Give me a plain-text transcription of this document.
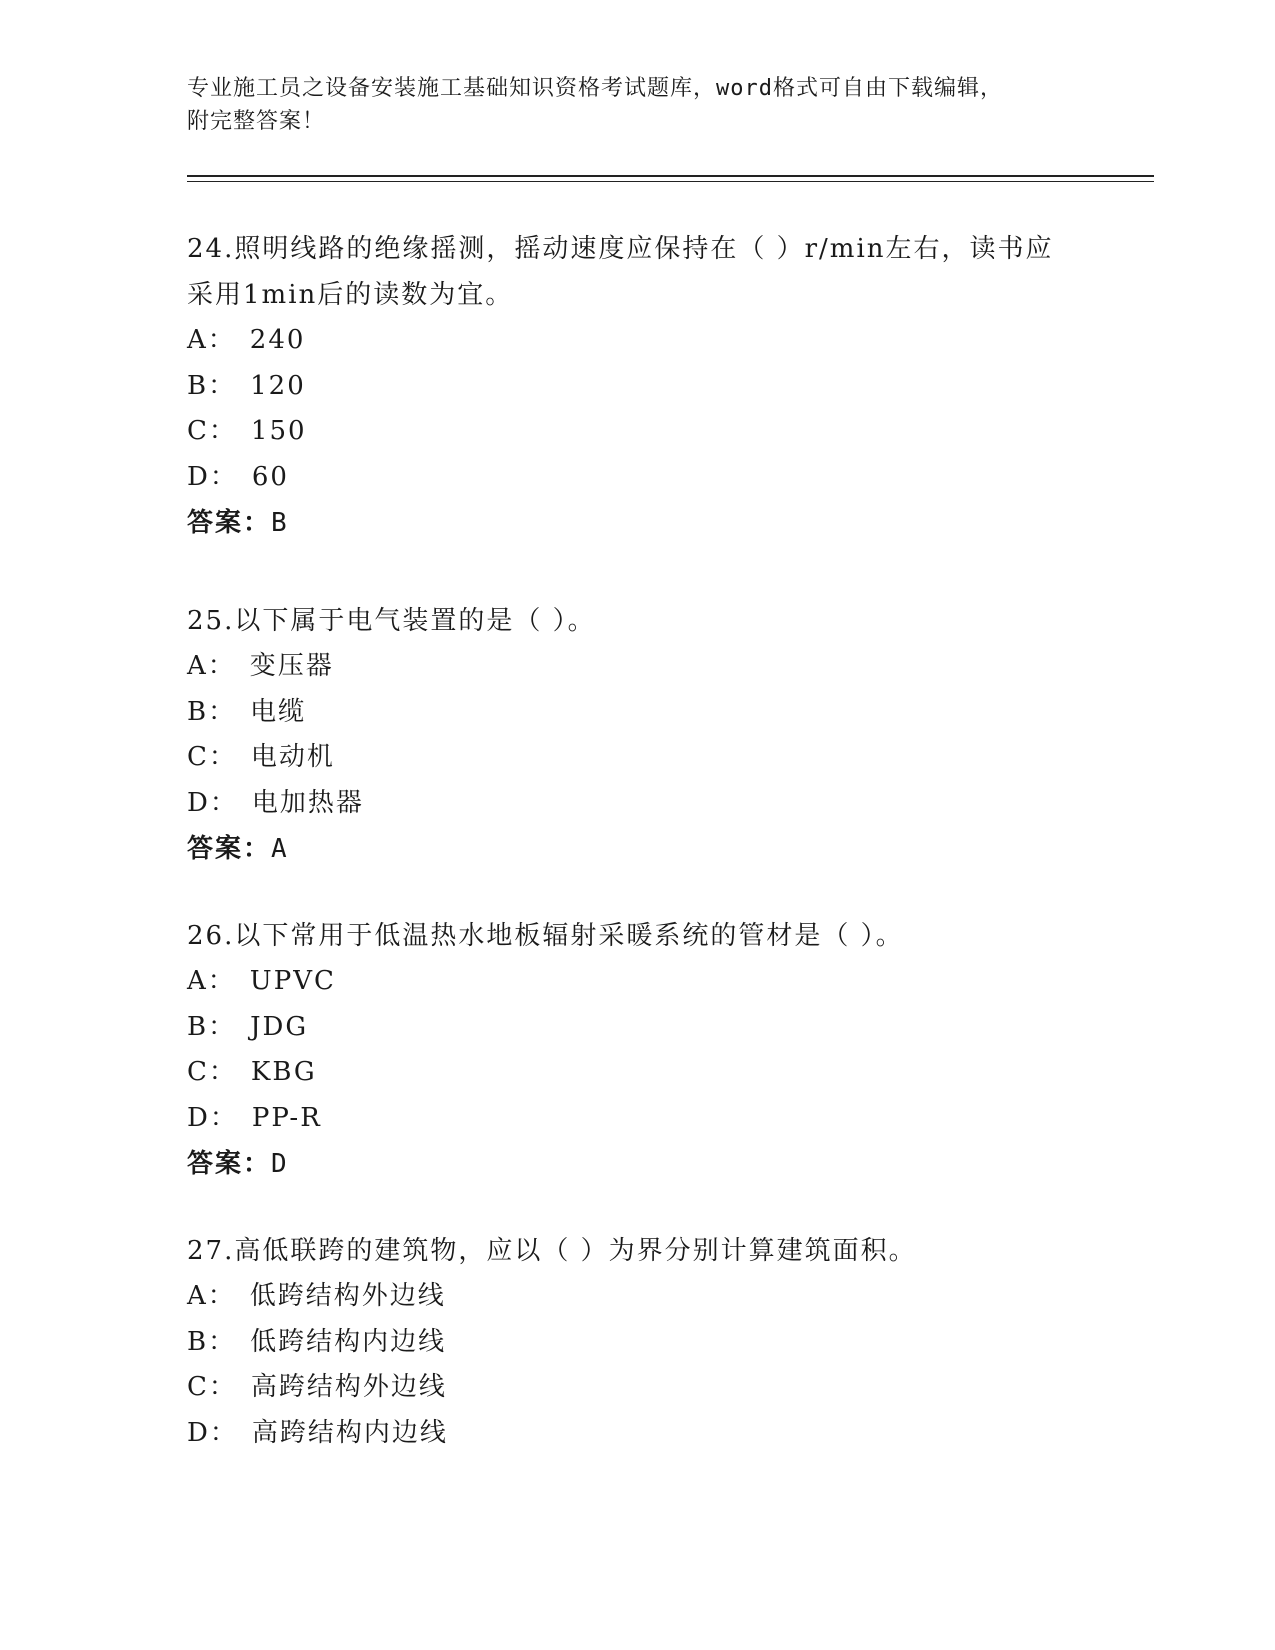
专业施工员之设备安装施工基础知识资格考试题库，word格式可自由下载编辑，
附完整答案！
24.照明线路的绝缘摇测，摇动速度应保持在（ ）r/min左右，读书应
采用1min后的读数为宜。
A： 240
B： 120
C： 150
D： 60
答案：B
25.以下属于电气装置的是（ ）。
A： 变压器
B： 电缆
C： 电动机
D： 电加热器
答案：A
26.以下常用于低温热水地板辐射采暖系统的管材是（ ）。
A： UPVC
B： JDG
C： KBG
D： PP-R
答案：D
27.高低联跨的建筑物，应以（ ）为界分别计算建筑面积。
A： 低跨结构外边线
B： 低跨结构内边线
C： 高跨结构外边线
D： 高跨结构内边线
